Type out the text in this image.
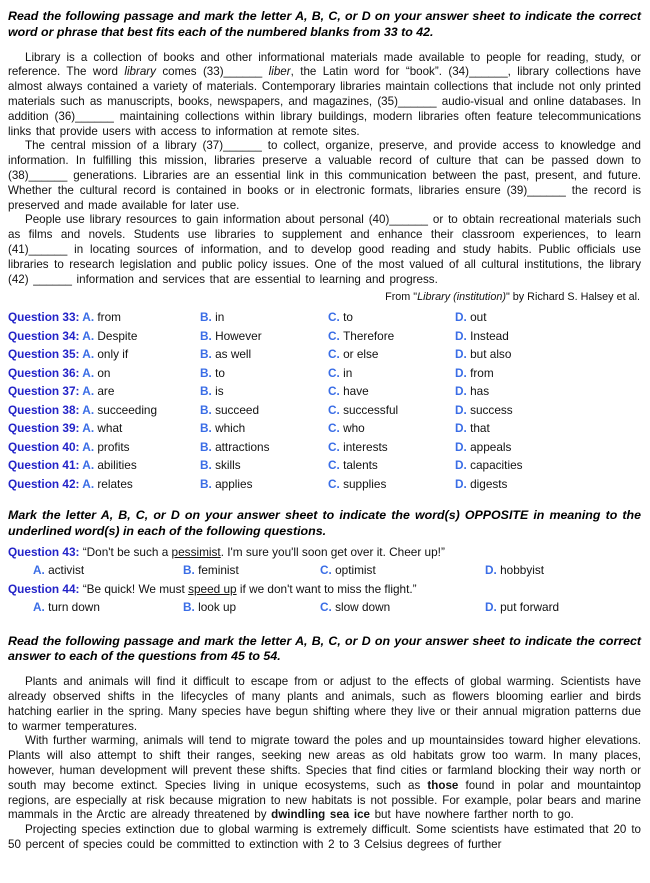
Read the following passage and mark the letter A, B, C, or D on your answer sheet to indicate the correct word or phrase that best fits each of the numbered blanks from 33 to 42.

Library is a collection of books and other informational materials made available to people for reading, study, or reference. The word library comes (33)______ liber, the Latin word for “book”. (34)______, library collections have almost always contained a variety of materials. Contemporary libraries maintain collections that include not only printed materials such as manuscripts, books, newspapers, and magazines, (35)______ audio-visual and online databases. In addition (36)______ maintaining collections within library buildings, modern libraries often feature telecommunications links that provide users with access to information at remote sites.

The central mission of a library (37)______ to collect, organize, preserve, and provide access to knowledge and information. In fulfilling this mission, libraries preserve a valuable record of culture that can be passed down to (38)______ generations. Libraries are an essential link in this communication between the past, present, and future. Whether the cultural record is contained in books or in electronic formats, libraries ensure (39)______ the record is preserved and made available for later use.

People use library resources to gain information about personal (40)______ or to obtain recreational materials such as films and novels. Students use libraries to supplement and enhance their classroom experiences, to learn (41)______ in locating sources of information, and to develop good reading and study habits. Public officials use libraries to research legislation and public policy issues. One of the most valued of all cultural institutions, the library (42) ______ information and services that are essential to learning and progress.

From "Library (institution)" by Richard S. Halsey et al.

Question 33: A. from	B. in	C. to	D. out
Question 34: A. Despite	B. However	C. Therefore	D. Instead
Question 35: A. only if	B. as well	C. or else	D. but also
Question 36: A. on	B. to	C. in	D. from
Question 37: A. are	B. is	C. have	D. has
Question 38: A. succeeding	B. succeed	C. successful	D. success
Question 39: A. what	B. which	C. who	D. that
Question 40: A. profits	B. attractions	C. interests	D. appeals
Question 41: A. abilities	B. skills	C. talents	D. capacities
Question 42: A. relates	B. applies	C. supplies	D. digests

Mark the letter A, B, C, or D on your answer sheet to indicate the word(s) OPPOSITE in meaning to the underlined word(s) in each of the following questions.

Question 43: “Don't be such a pessimist. I'm sure you'll soon get over it. Cheer up!”
A. activist	B. feminist	C. optimist	D. hobbyist
Question 44: “Be quick! We must speed up if we don't want to miss the flight.”
A. turn down	B. look up	C. slow down	D. put forward

Read the following passage and mark the letter A, B, C, or D on your answer sheet to indicate the correct answer to each of the questions from 45 to 54.

Plants and animals will find it difficult to escape from or adjust to the effects of global warming. Scientists have already observed shifts in the lifecycles of many plants and animals, such as flowers blooming earlier and birds hatching earlier in the spring. Many species have begun shifting where they live or their annual migration patterns due to warmer temperatures.

With further warming, animals will tend to migrate toward the poles and up mountainsides toward higher elevations. Plants will also attempt to shift their ranges, seeking new areas as old habitats grow too warm. In many places, however, human development will prevent these shifts. Species that find cities or farmland blocking their way north or south may become extinct. Species living in unique ecosystems, such as those found in polar and mountaintop regions, are especially at risk because migration to new habitats is not possible. For example, polar bears and marine mammals in the Arctic are already threatened by dwindling sea ice but have nowhere farther north to go.

Projecting species extinction due to global warming is extremely difficult. Some scientists have estimated that 20 to 50 percent of species could be committed to extinction with 2 to 3 Celsius degrees of further
